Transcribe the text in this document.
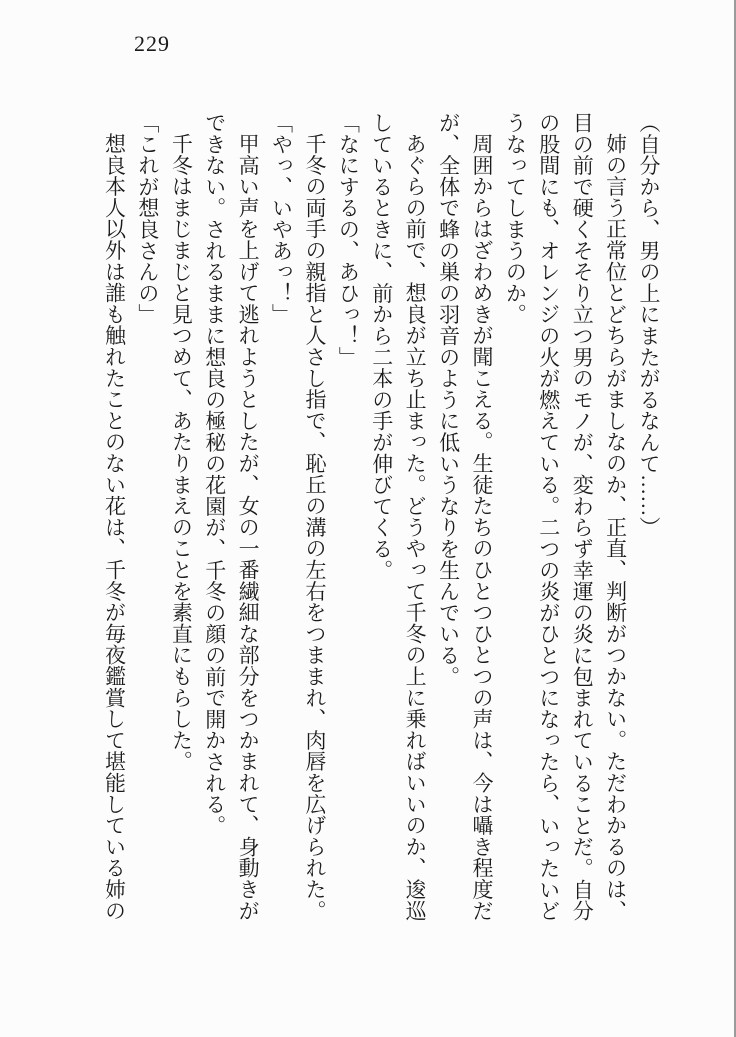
229
（自分から、男の上にまたがるなんて……）
姉の言う正常位とどちらがましなのか、正直、判断がつかない。ただわかるのは、
目の前で硬くそそり立つ男のモノが、変わらず幸運の炎に包まれていることだ。自分
の股間にも、オレンジの火が燃えている。二つの炎がひとつになったら、いったいど
うなってしまうのか。
周囲からはざわめきが聞こえる。生徒たちのひとつひとつの声は、今は囁き程度だ
が、全体で蜂の巣の羽音のように低いうなりを生んでいる。
あぐらの前で、想良が立ち止まった。どうやって千冬の上に乗ればいいのか、逡巡
しているときに、前から二本の手が伸びてくる。
「なにするの、あひっ！」
千冬の両手の親指と人さし指で、恥丘の溝の左右をつままれ、肉唇を広げられた。
「やっ、いやあっ！」
甲高い声を上げて逃れようとしたが、女の一番繊細な部分をつかまれて、身動きが
できない。されるままに想良の極秘の花園が、千冬の顔の前で開かされる。
千冬はまじまじと見つめて、あたりまえのことを素直にもらした。
「これが想良さんの」
想良本人以外は誰も触れたことのない花は、千冬が毎夜鑑賞して堪能している姉の
